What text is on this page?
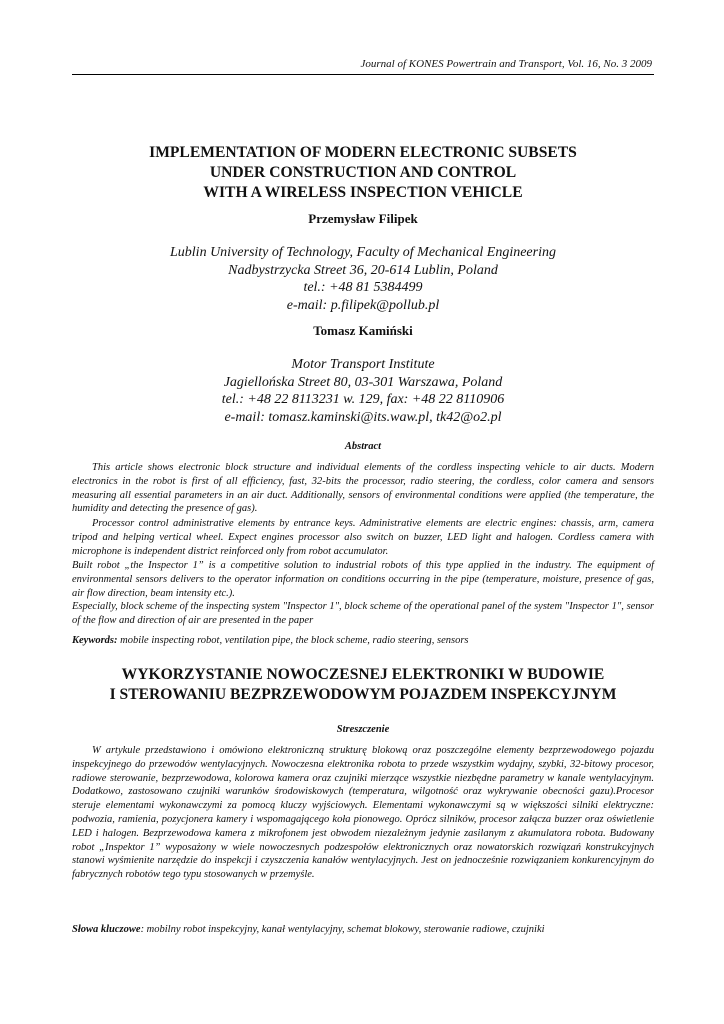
Journal of KONES Powertrain and Transport, Vol. 16, No. 3 2009
IMPLEMENTATION OF MODERN ELECTRONIC SUBSETS
UNDER CONSTRUCTION AND CONTROL
WITH A WIRELESS INSPECTION VEHICLE
Przemysław Filipek
Lublin University of Technology, Faculty of Mechanical Engineering
Nadbystrzycka Street 36, 20-614 Lublin, Poland
tel.: +48 81 5384499
e-mail: p.filipek@pollub.pl
Tomasz Kamiński
Motor Transport Institute
Jagiellońska Street 80, 03-301 Warszawa, Poland
tel.: +48 22 8113231 w. 129, fax: +48 22 8110906
e-mail: tomasz.kaminski@its.waw.pl, tk42@o2.pl
Abstract

This article shows electronic block structure and individual elements of the cordless inspecting vehicle to air ducts. Modern electronics in the robot is first of all efficiency, fast, 32-bits the processor, radio steering, the cordless, color camera and sensors measuring all essential parameters in an air duct. Additionally, sensors of environmental conditions were applied (the temperature, the humidity and detecting the presence of gas).

Processor control administrative elements by entrance keys. Administrative elements are electric engines: chassis, arm, camera tripod and helping vertical wheel. Expect engines processor also switch on buzzer, LED light and halogen. Cordless camera with microphone is independent district reinforced only from robot accumulator.

Built robot „the Inspector 1” is a competitive solution to industrial robots of this type applied in the industry. The equipment of environmental sensors delivers to the operator information on conditions occurring in the pipe (temperature, moisture, presence of gas, air flow direction, beam intensity etc.).

Especially, block scheme of the inspecting system "Inspector 1", block scheme of the operational panel of the system "Inspector 1", sensor of the flow and direction of air are presented in the paper

Keywords: mobile inspecting robot, ventilation pipe, the block scheme, radio steering, sensors
WYKORZYSTANIE NOWOCZESNEJ ELEKTRONIKI W BUDOWIE
I STEROWANIU BEZPRZEWODOWYM POJAZDEM INSPEKCYJNYM
Streszczenie

W artykule przedstawiono i omówiono elektroniczną strukturę blokową oraz poszczególne elementy bezprzewodowego pojazdu inspekcyjnego do przewodów wentylacyjnych. Nowoczesna elektronika robota to przede wszystkim wydajny, szybki, 32-bitowy procesor, radiowe sterowanie, bezprzewodowa, kolorowa kamera oraz czujniki mierzące wszystkie niezbędne parametry w kanale wentylacyjnym. Dodatkowo, zastosowano czujniki warunków środowiskowych (temperatura, wilgotność oraz wykrywanie obecności gazu).Procesor steruje elementami wykonawczymi za pomocą kluczy wyjściowych. Elementami wykonawczymi są w większości silniki elektryczne: podwozia, ramienia, pozycjonera kamery i wspomagającego koła pionowego. Oprócz silników, procesor załącza buzzer oraz oświetlenie LED i halogen. Bezprzewodowa kamera z mikrofonem jest obwodem niezależnym jedynie zasilanym z akumulatora robota. Budowany robot „Inspektor 1” wyposażony w wiele nowoczesnych podzespołów elektronicznych oraz nowatorskich rozwiązań konstrukcyjnych stanowi wyśmienite narzędzie do inspekcji i czyszczenia kanałów wentylacyjnych. Jest on jednocześnie rozwiązaniem konkurencyjnym do fabrycznych robotów tego typu stosowanych w przemyśle.

Słowa kluczowe: mobilny robot inspekcyjny, kanał wentylacyjny, schemat blokowy, sterowanie radiowe, czujniki
